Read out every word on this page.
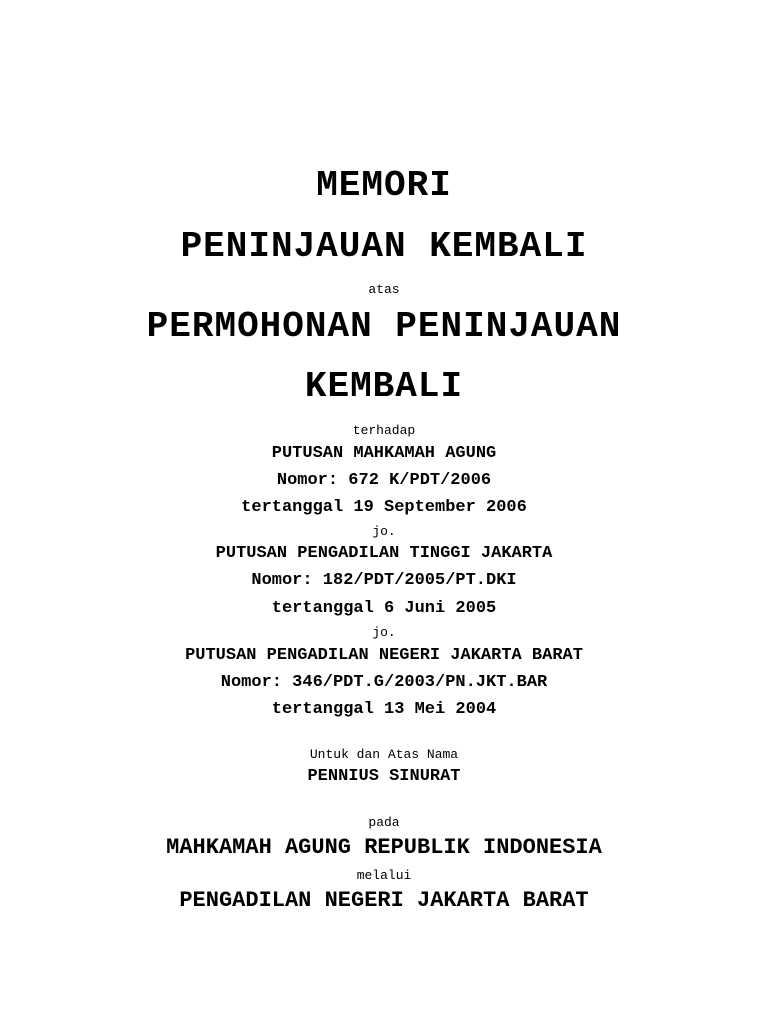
MEMORI

PENINJAUAN KEMBALI

atas

PERMOHONAN PENINJAUAN

KEMBALI

terhadap

PUTUSAN MAHKAMAH AGUNG

Nomor: 672 K/PDT/2006

tertanggal 19 September 2006

jo.

PUTUSAN PENGADILAN TINGGI JAKARTA

Nomor: 182/PDT/2005/PT.DKI

tertanggal 6 Juni 2005

jo.

PUTUSAN PENGADILAN NEGERI JAKARTA BARAT

Nomor: 346/PDT.G/2003/PN.JKT.BAR

tertanggal 13 Mei 2004

Untuk dan Atas Nama

PENNIUS SINURAT

pada

MAHKAMAH AGUNG REPUBLIK INDONESIA

melalui

PENGADILAN NEGERI JAKARTA BARAT
